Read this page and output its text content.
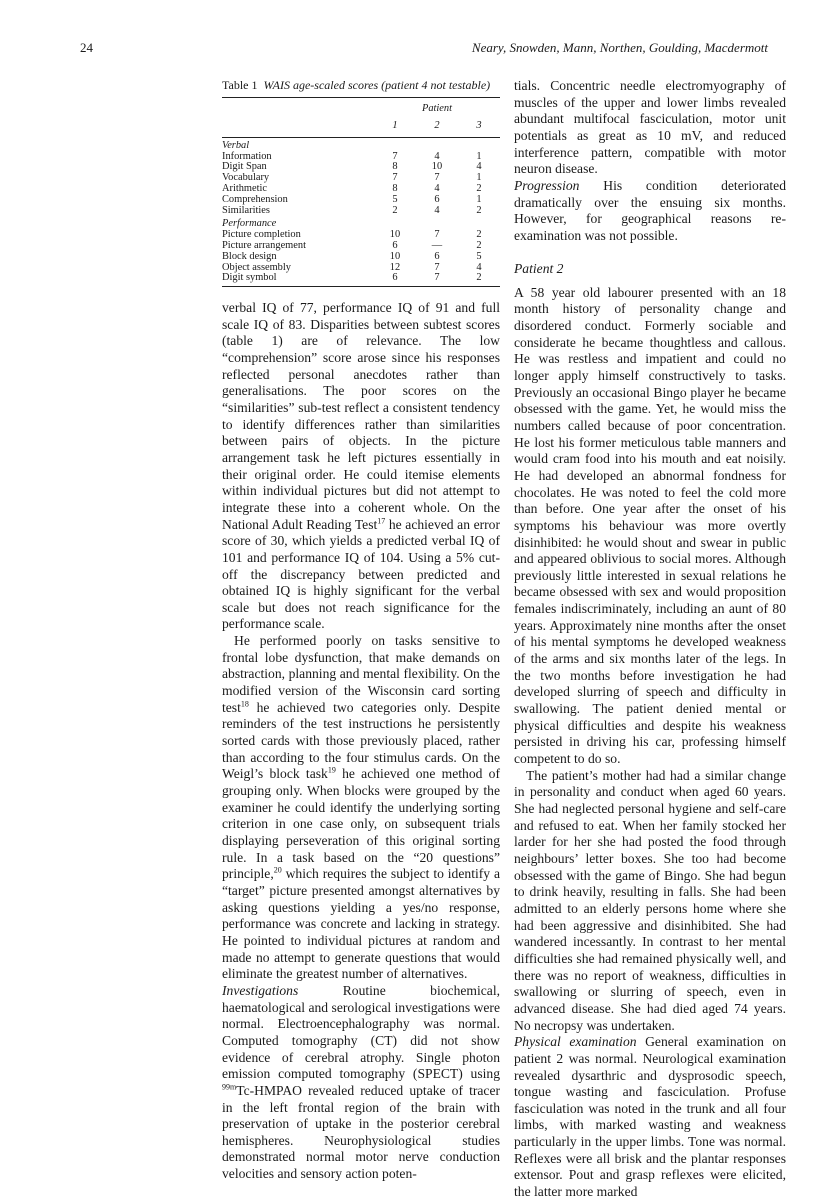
24	Neary, Snowden, Mann, Northen, Goulding, Macdermott
Table 1 WAIS age-scaled scores (patient 4 not testable)
	Patient		
	1	2	3
Verbal			
Information	7	4	1
Digit Span	8	10	4
Vocabulary	7	7	1
Arithmetic	8	4	2
Comprehension	5	6	1
Similarities	2	4	2
Performance			
Picture completion	10	7	2
Picture arrangement	6	—	2
Block design	10	6	5
Object assembly	12	7	4
Digit symbol	6	7	2

verbal IQ of 77, performance IQ of 91 and full scale IQ of 83. Disparities between subtest scores (table 1) are of relevance. The low “comprehension” score arose since his responses reflected personal anecdotes rather than generalisations. The poor scores on the “similarities” sub-test reflect a consistent tendency to identify differences rather than similarities between pairs of objects. In the picture arrangement task he left pictures essentially in their original order. He could itemise elements within individual pictures but did not attempt to integrate these into a coherent whole. On the National Adult Reading Test$^{17}$ he achieved an error score of 30, which yields a predicted verbal IQ of 101 and performance IQ of 104. Using a 5% cut-off the discrepancy between predicted and obtained IQ is highly significant for the verbal scale but does not reach significance for the performance scale.

He performed poorly on tasks sensitive to frontal lobe dysfunction, that make demands on abstraction, planning and mental flexibility. On the modified version of the Wisconsin card sorting test$^{18}$ he achieved two categories only. Despite reminders of the test instructions he persistently sorted cards with those previously placed, rather than according to the four stimulus cards. On the Weigl’s block task$^{19}$ he achieved one method of grouping only. When blocks were grouped by the examiner he could identify the underlying sorting criterion in one case only, on subsequent trials displaying perseveration of this original sorting rule. In a task based on the “20 questions” principle,$^{20}$ which requires the subject to identify a “target” picture presented amongst alternatives by asking questions yielding a yes/no response, performance was concrete and lacking in strategy. He pointed to individual pictures at random and made no attempt to generate questions that would eliminate the greatest number of alternatives.

Investigations Routine biochemical, haematological and serological investigations were normal. Electroencephalography was normal. Computed tomography (CT) did not show evidence of cerebral atrophy. Single photon emission computed tomography (SPECT) using $^{99m}$Tc-HMPAO revealed reduced uptake of tracer in the left frontal region of the brain with preservation of uptake in the posterior cerebral hemispheres. Neurophysiological studies demonstrated normal motor nerve conduction velocities and sensory action poten-

tials. Concentric needle electromyography of muscles of the upper and lower limbs revealed abundant multifocal fasciculation, motor unit potentials as great as 10 mV, and reduced interference pattern, compatible with motor neuron disease.

Progression His condition deteriorated dramatically over the ensuing six months. However, for geographical reasons re-examination was not possible.

Patient 2

A 58 year old labourer presented with an 18 month history of personality change and disordered conduct. Formerly sociable and considerate he became thoughtless and callous. He was restless and impatient and could no longer apply himself constructively to tasks. Previously an occasional Bingo player he became obsessed with the game. Yet, he would miss the numbers called because of poor concentration. He lost his former meticulous table manners and would cram food into his mouth and eat noisily. He had developed an abnormal fondness for chocolates. He was noted to feel the cold more than before. One year after the onset of his symptoms his behaviour was more overtly disinhibited: he would shout and swear in public and appeared oblivious to social mores. Although previously little interested in sexual relations he became obsessed with sex and would proposition females indiscriminately, including an aunt of 80 years. Approximately nine months after the onset of his mental symptoms he developed weakness of the arms and six months later of the legs. In the two months before investigation he had developed slurring of speech and difficulty in swallowing. The patient denied mental or physical difficulties and despite his weakness persisted in driving his car, professing himself competent to do so.

The patient’s mother had had a similar change in personality and conduct when aged 60 years. She had neglected personal hygiene and self-care and refused to eat. When her family stocked her larder for her she had posted the food through neighbours’ letter boxes. She too had become obsessed with the game of Bingo. She had begun to drink heavily, resulting in falls. She had been admitted to an elderly persons home where she had been aggressive and disinhibited. She had wandered incessantly. In contrast to her mental difficulties she had remained physically well, and there was no report of weakness, difficulties in swallowing or slurring of speech, even in advanced disease. She had died aged 74 years. No necropsy was undertaken.

Physical examination General examination on patient 2 was normal. Neurological examination revealed dysarthric and dysprosodic speech, tongue wasting and fasciculation. Profuse fasciculation was noted in the trunk and all four limbs, with marked wasting and weakness particularly in the upper limbs. Tone was normal. Reflexes were all brisk and the plantar responses extensor. Pout and grasp reflexes were elicited, the latter more marked
